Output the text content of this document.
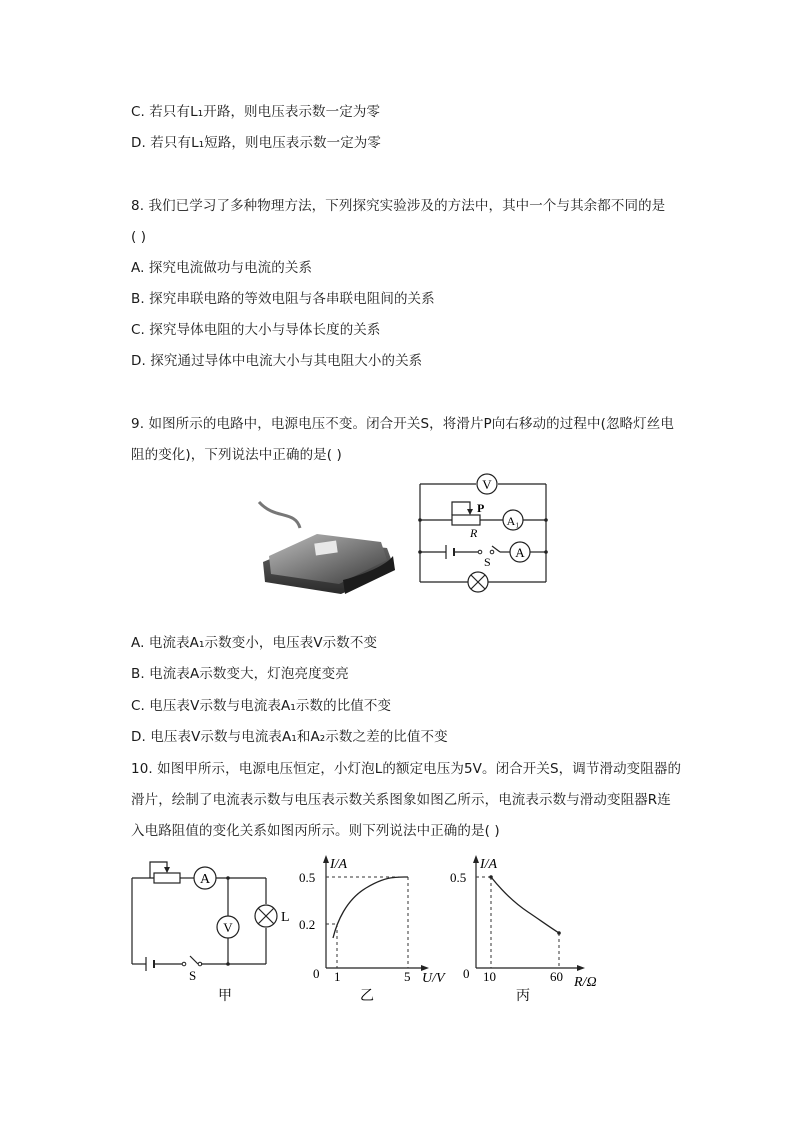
C. 若只有L₁开路，则电压表示数一定为零
D. 若只有L₁短路，则电压表示数一定为零
8. 我们已学习了多种物理方法，下列探究实验涉及的方法中，其中一个与其余都不同的是
( )
A. 探究电流做功与电流的关系
B. 探究串联电路的等效电阻与各串联电阻间的关系
C. 探究导体电阻的大小与导体长度的关系
D. 探究通过导体中电流大小与其电阻大小的关系
9. 如图所示的电路中，电源电压不变。闭合开关S，将滑片P向右移动的过程中(忽略灯丝电
阻的变化)，下列说法中正确的是( )
V
A₁
A
P
R
S
A. 电流表A₁示数变小，电压表V示数不变
B. 电流表A示数变大，灯泡亮度变亮
C. 电压表V示数与电流表A₁示数的比值不变
D. 电压表V示数与电流表A₁和A₂示数之差的比值不变
10. 如图甲所示，电源电压恒定，小灯泡L的额定电压为5V。闭合开关S，调节滑动变阻器的
滑片，绘制了电流表示数与电压表示数关系图象如图乙所示，电流表示数与滑动变阻器R连
入电路阻值的变化关系如图丙所示。则下列说法中正确的是( )
A
V
L
S
甲
I/A
U/V
0
0.5
0.2
1	5
乙
I/A
R/Ω
0
0.5
10	60
丙
